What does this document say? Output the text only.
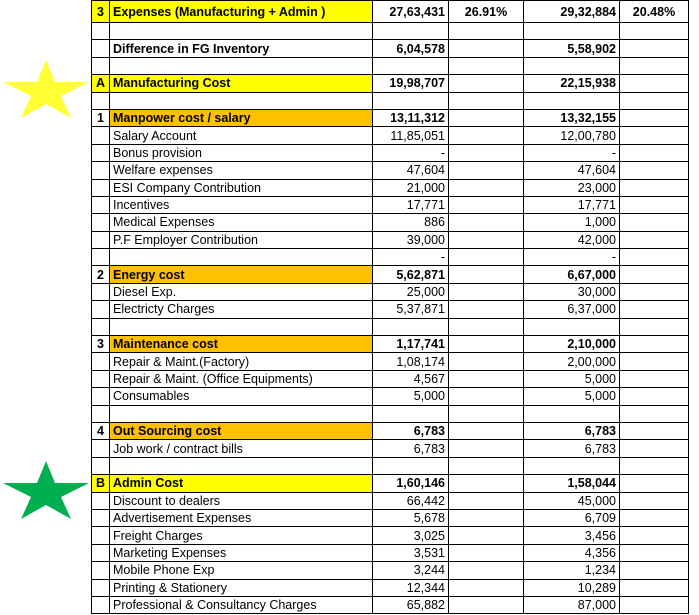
3	Expenses (Manufacturing + Admin )	27,63,431	26.91%	29,32,884	20.48%

	Difference in FG Inventory	6,04,578		5,58,902	

A	Manufacturing Cost	19,98,707		22,15,938	

1	Manpower cost / salary	13,11,312		13,32,155	
	Salary Account	11,85,051		12,00,780	
	Bonus provision	-		-	
	Welfare expenses	47,604		47,604	
	ESI Company Contribution	21,000		23,000	
	Incentives	17,771		17,771	
	Medical Expenses	886		1,000	
	P.F Employer Contribution	39,000		42,000	
		-		-	
2	Energy cost	5,62,871		6,67,000	
	Diesel Exp.	25,000		30,000	
	Electricty Charges	5,37,871		6,37,000	

3	Maintenance cost	1,17,741		2,10,000	
	Repair & Maint.(Factory)	1,08,174		2,00,000	
	Repair & Maint. (Office Equipments)	4,567		5,000	
	Consumables	5,000		5,000	

4	Out Sourcing cost	6,783		6,783	
	Job work / contract bills	6,783		6,783	

B	Admin Cost	1,60,146		1,58,044	
	Discount to dealers	66,442		45,000	
	Advertisement Expenses	5,678		6,709	
	Freight Charges	3,025		3,456	
	Marketing Expenses	3,531		4,356	
	Mobile Phone Exp	3,244		1,234	
	Printing & Stationery	12,344		10,289	
	Professional & Consultancy Charges	65,882		87,000	
